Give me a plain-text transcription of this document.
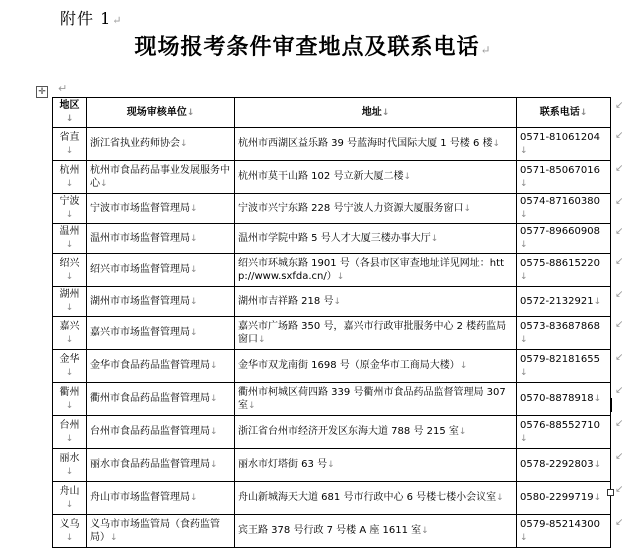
附件 1↵
现场报考条件审查地点及联系电话↵
✛ ↵
地区↓	现场审核单位↓	地址↓	联系电话↓
省直↓	浙江省执业药师协会↓	杭州市西湖区益乐路 39 号蓝海时代国际大厦 1 号楼 6 楼↓	0571-81061204↓
杭州↓	杭州市食品药品事业发展服务中心↓	杭州市莫干山路 102 号立新大厦二楼↓	0571-85067016↓
宁波↓	宁波市市场监督管理局↓	宁波市兴宁东路 228 号宁波人力资源大厦服务窗口↓	0574-87160380↓
温州↓	温州市市场监督管理局↓	温州市学院中路 5 号人才大厦三楼办事大厅↓	0577-89660908↓
绍兴↓	绍兴市市场监督管理局↓	绍兴市环城东路 1901 号（各县市区审查地址详见网址：http://www.sxfda.cn/）↓	0575-88615220↓
湖州↓	湖州市市场监督管理局↓	湖州市吉祥路 218 号↓	0572-2132921↓
嘉兴↓	嘉兴市市场监督管理局↓	嘉兴市广场路 350 号，嘉兴市行政审批服务中心 2 楼药监局窗口↓	0573-83687868↓
金华↓	金华市食品药品监督管理局↓	金华市双龙南街 1698 号（原金华市工商局大楼）↓	0579-82181655↓
衢州↓	衢州市食品药品监督管理局↓	衢州市柯城区荷四路 339 号衢州市食品药品监督管理局 307 室↓	0570-8878918↓
台州↓	台州市食品药品监督管理局↓	浙江省台州市经济开发区东海大道 788 号 215 室↓	0576-88552710↓
丽水↓	丽水市食品药品监督管理局↓	丽水市灯塔街 63 号↓	0578-2292803↓
舟山↓	舟山市市场监督管理局↓	舟山新城海天大道 681 号市行政中心 6 号楼七楼小会议室↓	0580-2299719↓
义乌↓	义乌市市场监管局（食药监管局）↓	宾王路 378 号行政 7 号楼 A 座 1611 室↓	0579-85214300↓
↙
↙
↙
↙
↙
↙
↙
↙
↙
↙
↙
↙
↙
↙
